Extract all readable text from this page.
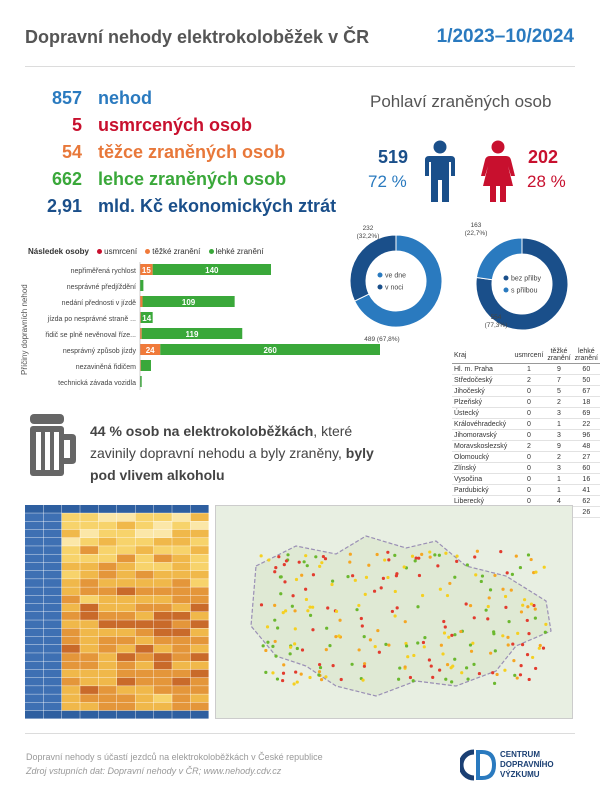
Dopravní nehody elektrokoloběžek v ČR	1/2023–10/2024
857 nehod
5 usmrcených osob
54 těžce zraněných osob
662 lehce zraněných osob
2,91 mld. Kč ekonomických ztrát
Pohlaví zraněných osob
519
72 %
202
28 %
Následek osoby usmrcení těžké zranění lehké zranění
Příčiny dopravních nehod
nepřiměřená rychlost 15	140
nesprávné předjíždění
nedání přednosti v jízdě	109
jízda po nesprávné straně ... 14
řidič se plně nevěnoval říze...	119
nesprávný způsob jízdy 24	260
nezaviněná řidičem
technická závada vozidla
ve dne
v noci
489 (67,8%)
232
(32,2%)
bez přilby
s přilbou
554
(77,3%)
163
(22,7%)
Kraj	usmrcení	těžké zranění	lehké zranění
Hl. m. Praha	1	9	60
Středočeský	2	7	50
Jihočeský	0	5	67
Plzeňský	0	2	18
Ústecký	0	3	69
Královéhradecký	0	1	22
Jihomoravský	0	3	96
Moravskoslezský	2	9	48
Olomoucký	0	2	27
Zlínský	0	3	60
Vysočina	0	1	16
Pardubický	0	1	41
Liberecký	0	4	62
			26
44 % osob na elektrokoloběžkách, které zavinily dopravní nehodu a byly zraněny, byly pod vlivem alkoholu
Dopravní nehody s účastí jezdců na elektrokoloběžkách v České republice
Zdroj vstupních dat: Dopravní nehody v ČR; www.nehody.cdv.cz
CENTRUM
DOPRAVNÍHO
VÝZKUMU
